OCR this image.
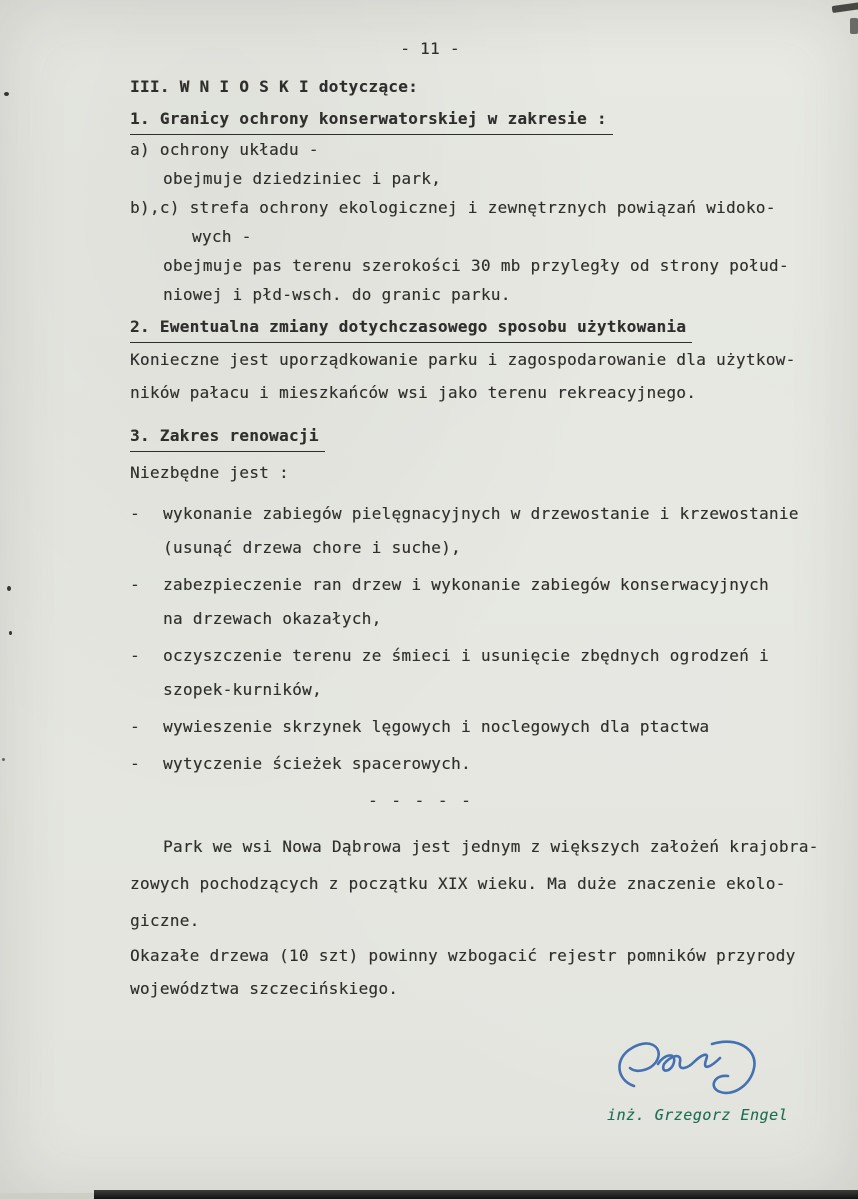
- 11 -
III. W N I O S K I dotyczące:
1. Granicy ochrony konserwatorskiej w zakresie :
a) ochrony układu -
obejmuje dziedziniec i park,
b),c) strefa ochrony ekologicznej i zewnętrznych powiązań widoko-
wych -
obejmuje pas terenu szerokości 30 mb przyległy od strony połud-
niowej i płd-wsch. do granic parku.
2. Ewentualna zmiany dotychczasowego sposobu użytkowania
Konieczne jest uporządkowanie parku i zagospodarowanie dla użytkow-
ników pałacu i mieszkańców wsi jako terenu rekreacyjnego.
3. Zakres renowacji
Niezbędne jest :
-	wykonanie zabiegów pielęgnacyjnych w drzewostanie i krzewostanie
(usunąć drzewa chore i suche),
-	zabezpieczenie ran drzew i wykonanie zabiegów konserwacyjnych
na drzewach okazałych,
-	oczyszczenie terenu ze śmieci i usunięcie zbędnych ogrodzeń i
szopek-kurników,
-	wywieszenie skrzynek lęgowych i noclegowych dla ptactwa
-	wytyczenie ścieżek spacerowych.
- - - - -
Park we wsi Nowa Dąbrowa jest jednym z większych założeń krajobra-
zowych pochodzących z początku XIX wieku. Ma duże znaczenie ekolo-
giczne.
Okazałe drzewa (10 szt) powinny wzbogacić rejestr pomników przyrody
województwa szczecińskiego.
inż. Grzegorz Engel
